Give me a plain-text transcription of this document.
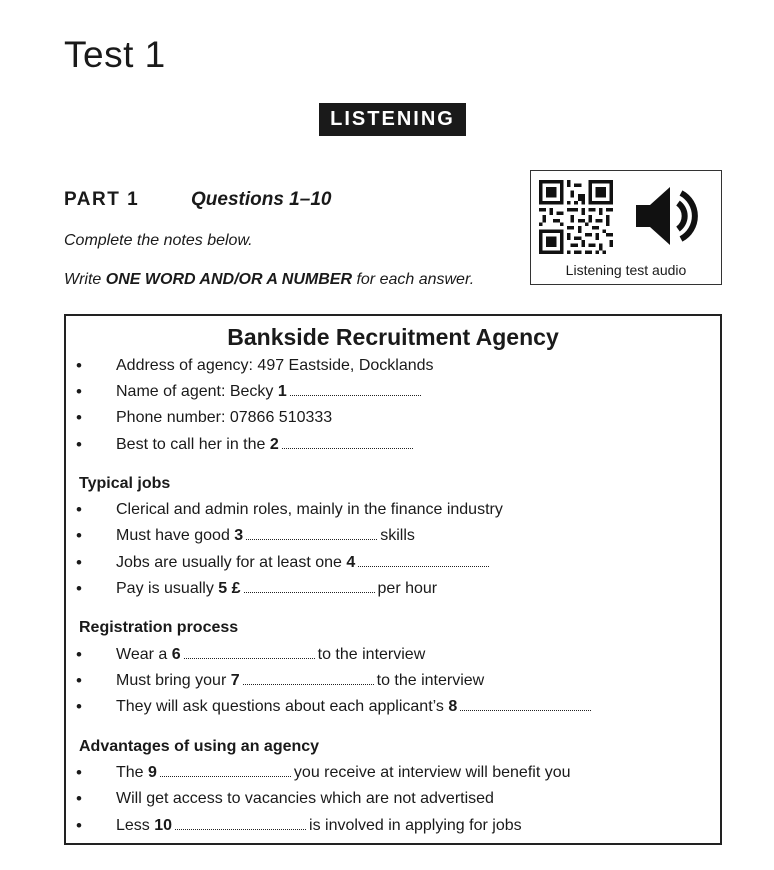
Test 1
LISTENING
PART 1	Questions 1–10
Complete the notes below.
Write ONE WORD AND/OR A NUMBER for each answer.
Listening test audio
Bankside Recruitment Agency
• Address of agency: 497 Eastside, Docklands
• Name of agent: Becky 1
• Phone number: 07866 510333
• Best to call her in the 2
Typical jobs
• Clerical and admin roles, mainly in the finance industry
• Must have good 3	skills
• Jobs are usually for at least one 4
• Pay is usually 5 £	per hour
Registration process
• Wear a 6	to the interview
• Must bring your 7	to the interview
• They will ask questions about each applicant’s 8
Advantages of using an agency
• The 9	you receive at interview will benefit you
• Will get access to vacancies which are not advertised
• Less 10	is involved in applying for jobs
